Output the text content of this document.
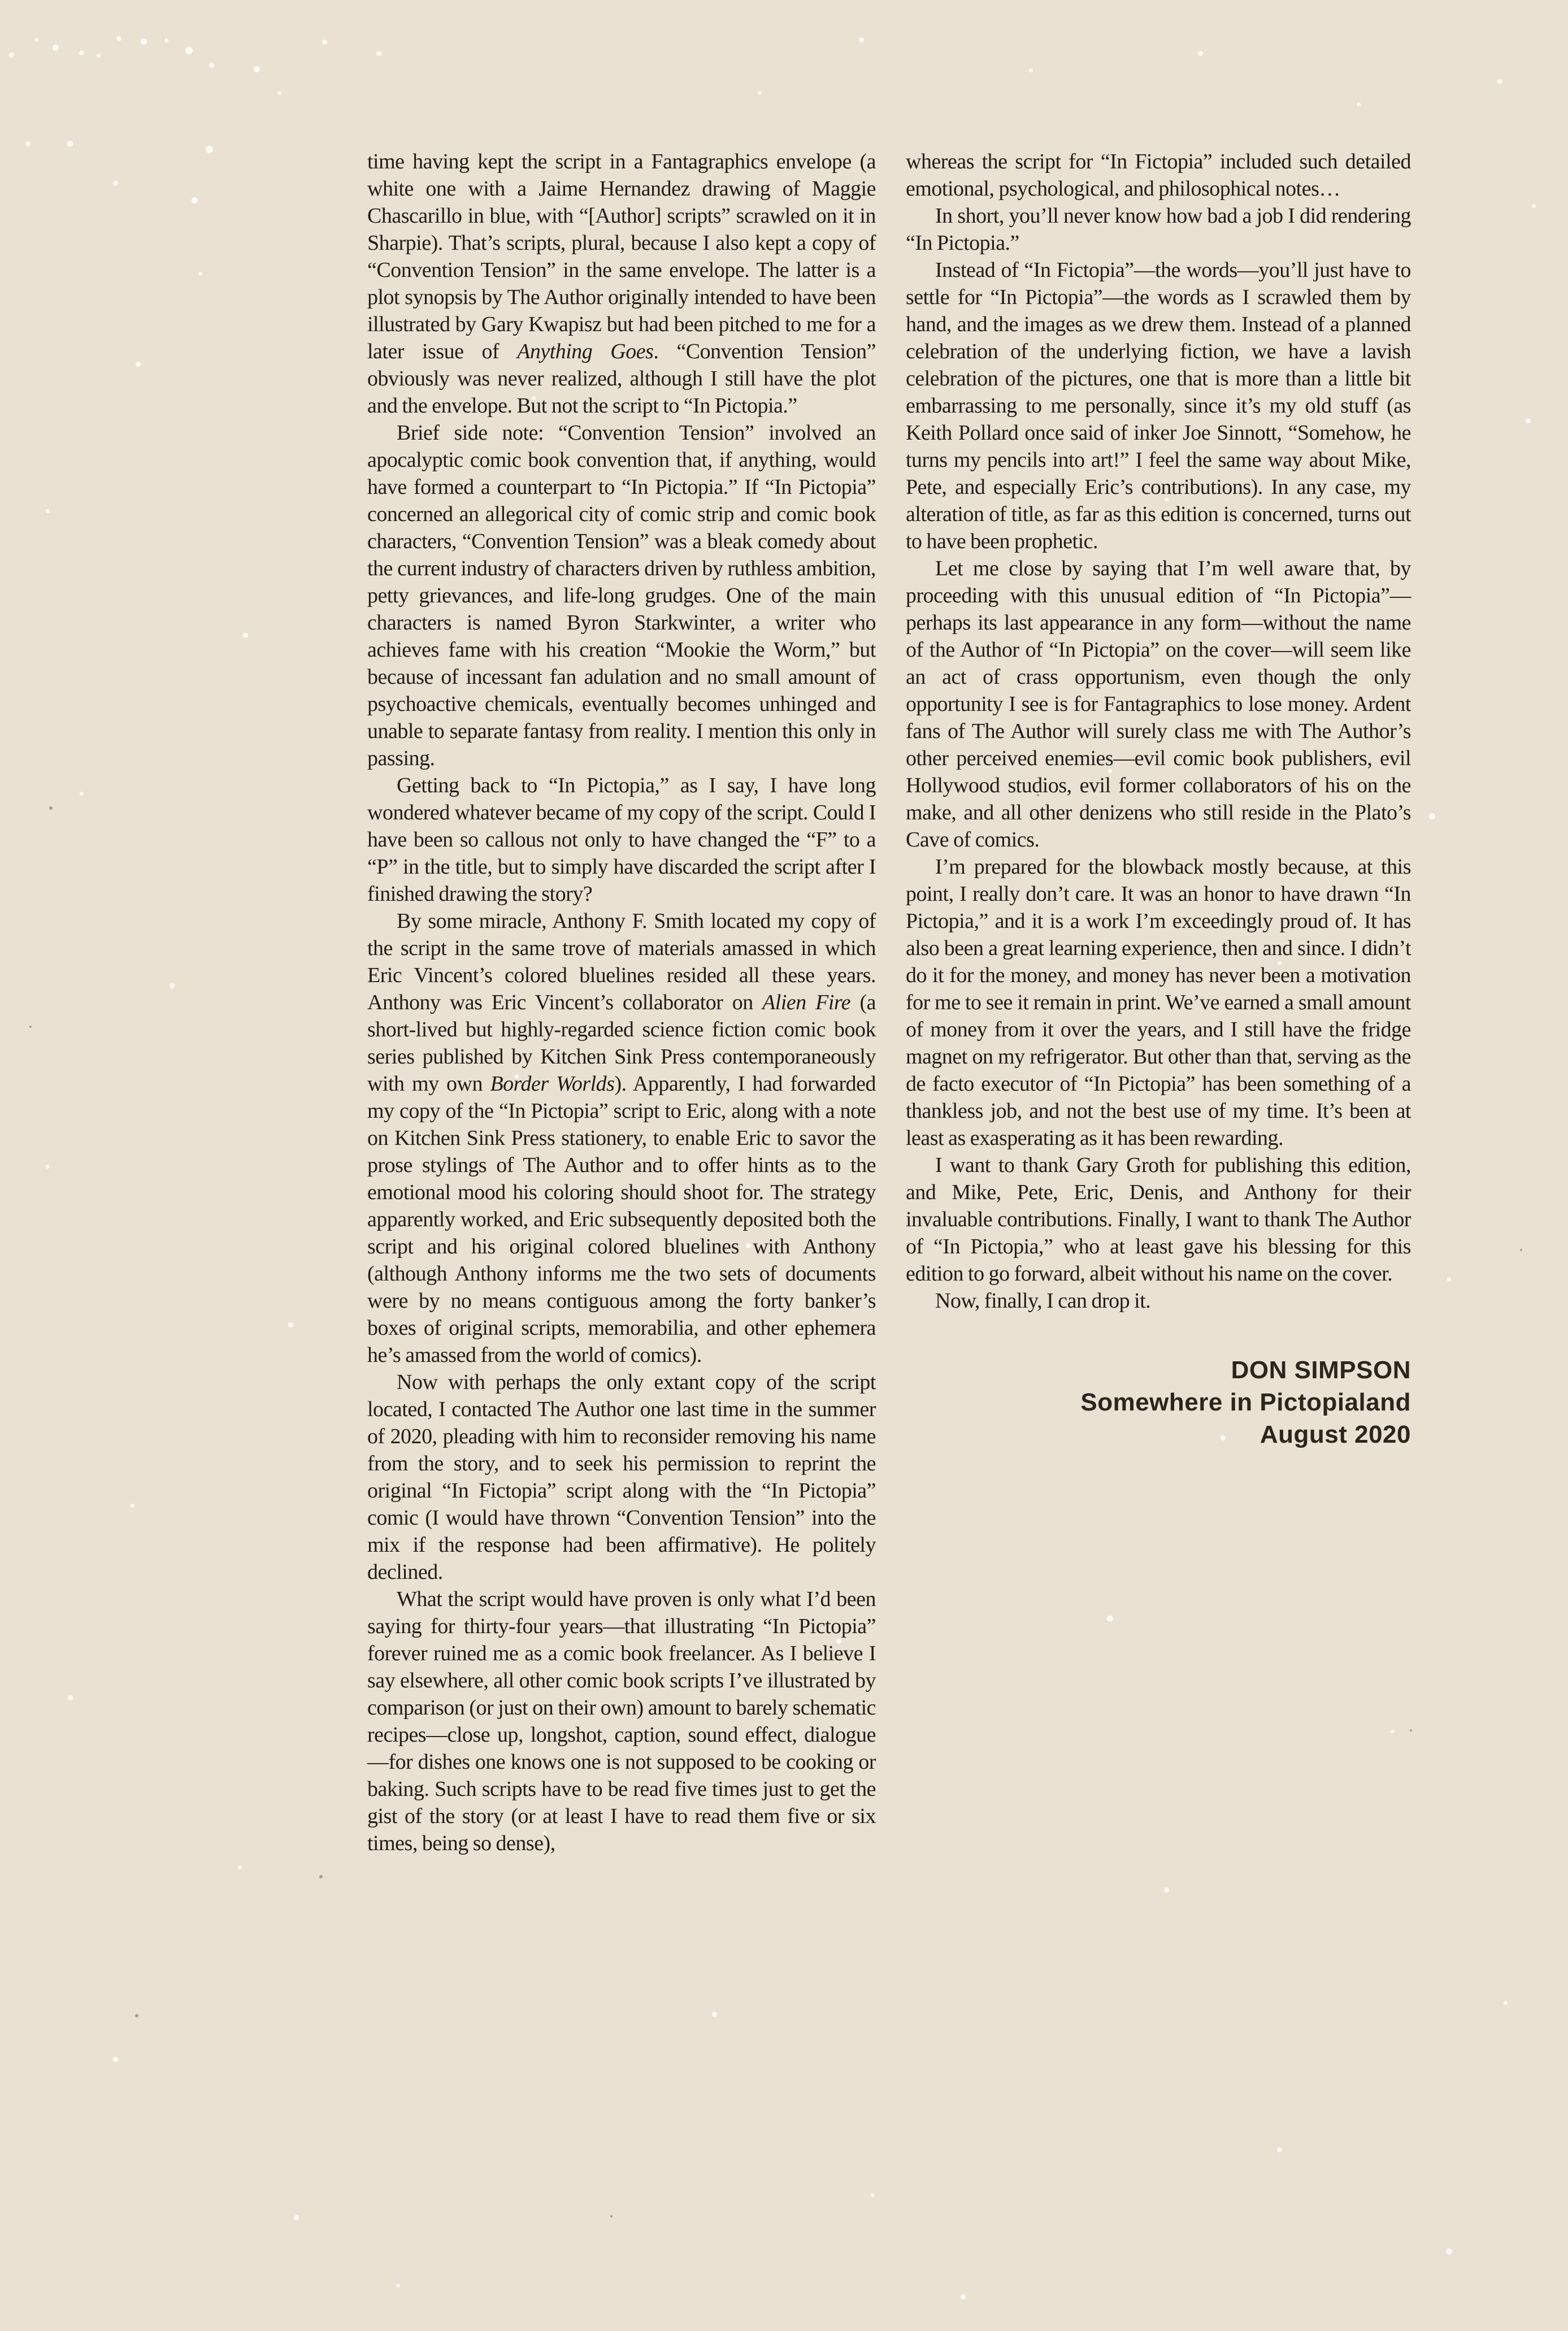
time having kept the script in a Fantagraphics envelope (a white one with a Jaime Hernandez drawing of Maggie Chascarillo in blue, with “[Author] scripts” scrawled on it in Sharpie). That’s scripts, plural, because I also kept a copy of “Convention Tension” in the same envelope. The latter is a plot synopsis by The Author originally intended to have been illustrated by Gary Kwapisz but had been pitched to me for a later issue of Anything Goes. “Convention Tension” obviously was never realized, although I still have the plot and the envelope. But not the script to “In Pictopia.”

Brief side note: “Convention Tension” involved an apocalyptic comic book convention that, if anything, would have formed a counterpart to “In Pictopia.” If “In Pictopia” concerned an allegorical city of comic strip and comic book characters, “Convention Tension” was a bleak comedy about the current industry of characters driven by ruthless ambition, petty grievances, and life-long grudges. One of the main characters is named Byron Starkwinter, a writer who achieves fame with his creation “Mookie the Worm,” but because of incessant fan adulation and no small amount of psychoactive chemicals, eventually becomes unhinged and unable to separate fantasy from reality. I mention this only in passing.

Getting back to “In Pictopia,” as I say, I have long wondered whatever became of my copy of the script. Could I have been so callous not only to have changed the “F” to a “P” in the title, but to simply have discarded the script after I finished drawing the story?

By some miracle, Anthony F. Smith located my copy of the script in the same trove of materials amassed in which Eric Vincent’s colored bluelines resided all these years. Anthony was Eric Vincent’s collaborator on Alien Fire (a short-lived but highly-regarded science fiction comic book series published by Kitchen Sink Press contemporaneously with my own Border Worlds). Apparently, I had forwarded my copy of the “In Pictopia” script to Eric, along with a note on Kitchen Sink Press stationery, to enable Eric to savor the prose stylings of The Author and to offer hints as to the emotional mood his coloring should shoot for. The strategy apparently worked, and Eric subsequently deposited both the script and his original colored bluelines with Anthony (although Anthony informs me the two sets of documents were by no means contiguous among the forty banker’s boxes of original scripts, memorabilia, and other ephemera he’s amassed from the world of comics).

Now with perhaps the only extant copy of the script located, I contacted The Author one last time in the summer of 2020, pleading with him to reconsider removing his name from the story, and to seek his permission to reprint the original “In Fictopia” script along with the “In Pictopia” comic (I would have thrown “Convention Tension” into the mix if the response had been affirmative). He politely declined.

What the script would have proven is only what I’d been saying for thirty-four years—that illustrating “In Pictopia” forever ruined me as a comic book freelancer. As I believe I say elsewhere, all other comic book scripts I’ve illustrated by comparison (or just on their own) amount to barely schematic recipes—close up, longshot, caption, sound effect, dialogue—for dishes one knows one is not supposed to be cooking or baking. Such scripts have to be read five times just to get the gist of the story (or at least I have to read them five or six times, being so dense),

whereas the script for “In Fictopia” included such detailed emotional, psychological, and philosophical notes…

In short, you’ll never know how bad a job I did rendering “In Pictopia.”

Instead of “In Fictopia”—the words—you’ll just have to settle for “In Pictopia”—the words as I scrawled them by hand, and the images as we drew them. Instead of a planned celebration of the underlying fiction, we have a lavish celebration of the pictures, one that is more than a little bit embarrassing to me personally, since it’s my old stuff (as Keith Pollard once said of inker Joe Sinnott, “Somehow, he turns my pencils into art!” I feel the same way about Mike, Pete, and especially Eric’s contributions). In any case, my alteration of title, as far as this edition is concerned, turns out to have been prophetic.

Let me close by saying that I’m well aware that, by proceeding with this unusual edition of “In Pictopia”—perhaps its last appearance in any form—without the name of the Author of “In Pictopia” on the cover—will seem like an act of crass opportunism, even though the only opportunity I see is for Fantagraphics to lose money. Ardent fans of The Author will surely class me with The Author’s other perceived enemies—evil comic book publishers, evil Hollywood studios, evil former collaborators of his on the make, and all other denizens who still reside in the Plato’s Cave of comics.

I’m prepared for the blowback mostly because, at this point, I really don’t care. It was an honor to have drawn “In Pictopia,” and it is a work I’m exceedingly proud of. It has also been a great learning experience, then and since. I didn’t do it for the money, and money has never been a motivation for me to see it remain in print. We’ve earned a small amount of money from it over the years, and I still have the fridge magnet on my refrigerator. But other than that, serving as the de facto executor of “In Pictopia” has been something of a thankless job, and not the best use of my time. It’s been at least as exasperating as it has been rewarding.

I want to thank Gary Groth for publishing this edition, and Mike, Pete, Eric, Denis, and Anthony for their invaluable contributions. Finally, I want to thank The Author of “In Pictopia,” who at least gave his blessing for this edition to go forward, albeit without his name on the cover.

Now, finally, I can drop it.

DON SIMPSON
Somewhere in Pictopialand
August 2020
